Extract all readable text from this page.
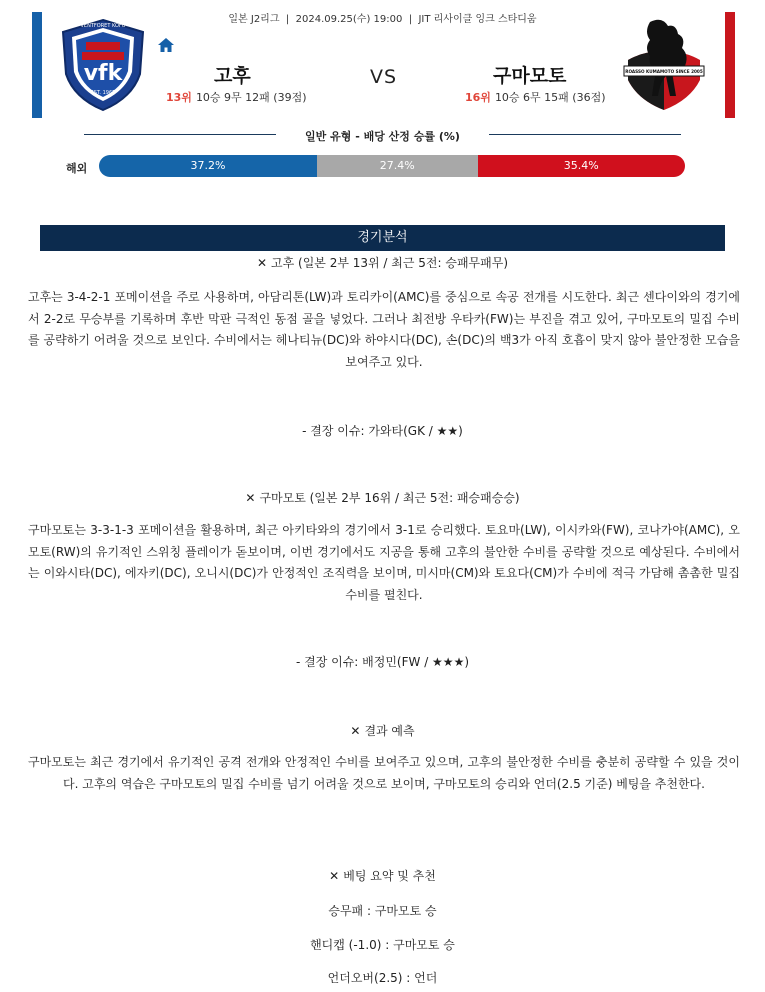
일본 J2리그  |  2024.09.25(수) 19:00  |  JIT 리사이클 잉크 스타디움
vfk
VENTFORET KOFU
EST. 1965
고후	VS	구마모토
13위 10승 9무 12패 (39점)	16위 10승 6무 15패 (36점)
ROASSO KUMAMOTO SINCE 2005
일반 유형 - 배당 산정 승률 (%)
해외	37.2%	27.4%	35.4%
경기분석
✕ 고후 (일본 2부 13위 / 최근 5전: 승패무패무)
고후는 3-4-2-1 포메이션을 주로 사용하며, 아담리톤(LW)과 토리카이(AMC)를 중심으로 속공 전개를 시도한다. 최근 센다이와의 경기에서 2-2로 무승부를 기록하며 후반 막판 극적인 동점 골을 넣었다. 그러나 최전방 우타카(FW)는 부진을 겪고 있어, 구마모토의 밀집 수비를 공략하기 어려울 것으로 보인다. 수비에서는 헤나티뉴(DC)와 하야시다(DC), 손(DC)의 백3가 아직 호흡이 맞지 않아 불안정한 모습을 보여주고 있다.
- 결장 이슈: 가와타(GK / ★★)
✕ 구마모토 (일본 2부 16위 / 최근 5전: 패승패승승)
구마모토는 3-3-1-3 포메이션을 활용하며, 최근 아키타와의 경기에서 3-1로 승리했다. 토요마(LW), 이시카와(FW), 코나가야(AMC), 오모토(RW)의 유기적인 스위칭 플레이가 돋보이며, 이번 경기에서도 지공을 통해 고후의 불안한 수비를 공략할 것으로 예상된다. 수비에서는 이와시타(DC), 에자키(DC), 오니시(DC)가 안정적인 조직력을 보이며, 미시마(CM)와 토요다(CM)가 수비에 적극 가담해 촘촘한 밀집 수비를 펼친다.
- 결장 이슈: 배정민(FW / ★★★)
✕ 결과 예측
구마모토는 최근 경기에서 유기적인 공격 전개와 안정적인 수비를 보여주고 있으며, 고후의 불안정한 수비를 충분히 공략할 수 있을 것이다. 고후의 역습은 구마모토의 밀집 수비를 넘기 어려울 것으로 보이며, 구마모토의 승리와 언더(2.5 기준) 베팅을 추천한다.
✕ 베팅 요약 및 추천
승무패 : 구마모토 승
핸디캡 (-1.0) : 구마모토 승
언더오버(2.5) : 언더
